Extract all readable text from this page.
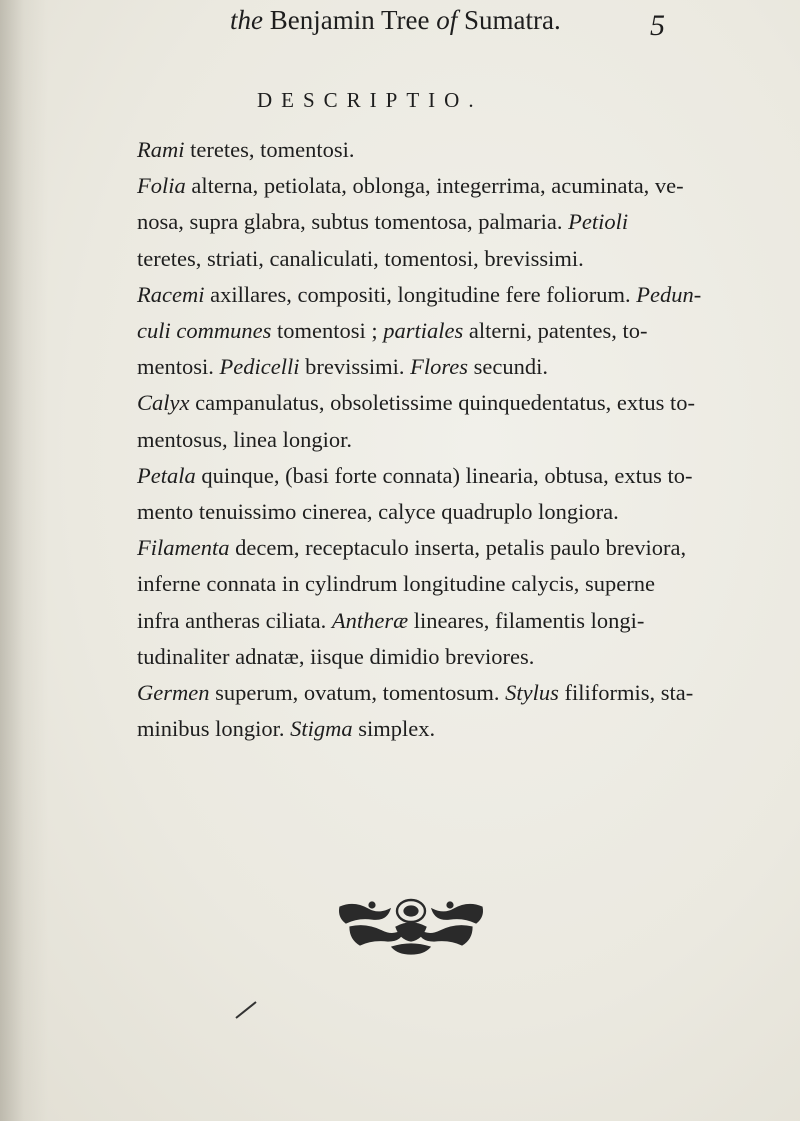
the Benjamin Tree of Sumatra.	5
DESCRIPTIO.

Rami teretes, tomentosi.

Folia alterna, petiolata, oblonga, integerrima, acuminata, ve-
nosa, supra glabra, subtus tomentosa, palmaria. Petioli
teretes, striati, canaliculati, tomentosi, brevissimi.

Racemi axillares, compositi, longitudine fere foliorum. Pedun-
culi communes tomentosi ; partiales alterni, patentes, to-
mentosi. Pedicelli brevissimi. Flores secundi.

Calyx campanulatus, obsoletissime quinquedentatus, extus to-
mentosus, linea longior.

Petala quinque, (basi forte connata) linearia, obtusa, extus to-
mento tenuissimo cinerea, calyce quadruplo longiora.

Filamenta decem, receptaculo inserta, petalis paulo breviora,
inferne connata in cylindrum longitudine calycis, superne
infra antheras ciliata. Antheræ lineares, filamentis longi-
tudinaliter adnatæ, iisque dimidio breviores.

Germen superum, ovatum, tomentosum. Stylus filiformis, sta-
minibus longior. Stigma simplex.
